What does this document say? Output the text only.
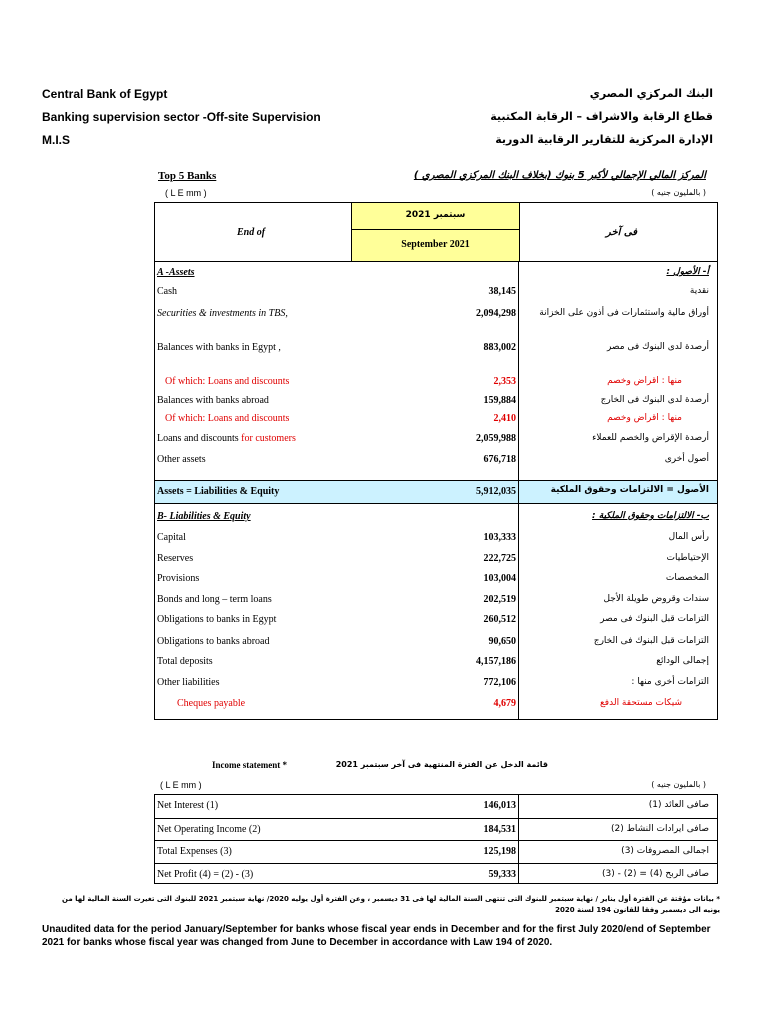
Central Bank of Egypt
Banking supervision sector -Off-site Supervision
M.I.S
البنك المركزي المصري
قطاع الرقابة والاشراف – الرقابة المكتبية
الإدارة المركزية للتقارير الرقابية الدورية
Top 5 Banks	المركز المالي الإجمالي لأكبر 5 بنوك (بخلاف البنك المركزي المصري )
( L E mm )	( بالمليون جنيه )
سبتمبر 2021
September 2021
End of	فى آخر
A -Assets	أ- الأصول :
Cash	38,145	نقدية
Securities & investments in TBS,	2,094,298	أوراق مالية واستثمارات فى أذون على الخزانة
Balances with banks in Egypt ,	883,002	أرصدة لدى البنوك فى مصر
Of which: Loans and discounts	2,353	منها : اقراض وخصم
Balances with banks abroad	159,884	أرصدة لدى البنوك فى الخارج
Of which: Loans and discounts	2,410	منها : اقراض وخصم
Loans and discounts for customers	2,059,988	أرصدة الإقراض والخصم للعملاء
Other assets	676,718	أصول أخرى
Assets = Liabilities & Equity	5,912,035	الأصول = الالتزامات وحقوق الملكية
B- Liabilities & Equity	ب- الالتزامات وحقوق الملكية :
Capital	103,333	رأس المال
Reserves	222,725	الإحتياطيات
Provisions	103,004	المخصصات
Bonds and long – term loans	202,519	سندات وقروض طويلة الأجل
Obligations to banks in Egypt	260,512	التزامات قبل البنوك فى مصر
Obligations to banks abroad	90,650	التزامات قبل البنوك فى الخارج
Total deposits	4,157,186	إجمالى الودائع
Other liabilities	772,106	التزامات أخرى منها :
Cheques payable	4,679	شيكات مستحقة الدفع
Income statement *	قائمة الدخل عن الفترة المنتهية فى آخر سبتمبر 2021
( L E mm )	( بالمليون جنيه )
Net Interest (1)	146,013	صافى العائد (1)
Net Operating Income (2)	184,531	صافى ايرادات النشاط (2)
Total Expenses (3)	125,198	اجمالى المصروفات (3)
Net Profit (4) = (2) - (3)	59,333	صافى الربح (4) = (2) - (3)
* بيانات مؤقتة عن الفترة أول يناير / نهاية سبتمبر للبنوك التى تنتهى السنة المالية لها فى 31 ديسمبر ، وعن الفترة أول يوليه 2020/ نهاية سبتمبر 2021 للبنوك التى تغيرت السنة المالية لها من يونيه الى ديسمبر وفقا للقانون 194 لسنة 2020
Unaudited data for the period January/September for banks whose fiscal year ends in December and for the first July 2020/end of September 2021 for banks whose fiscal year was changed from June to December in accordance with Law 194 of 2020.
